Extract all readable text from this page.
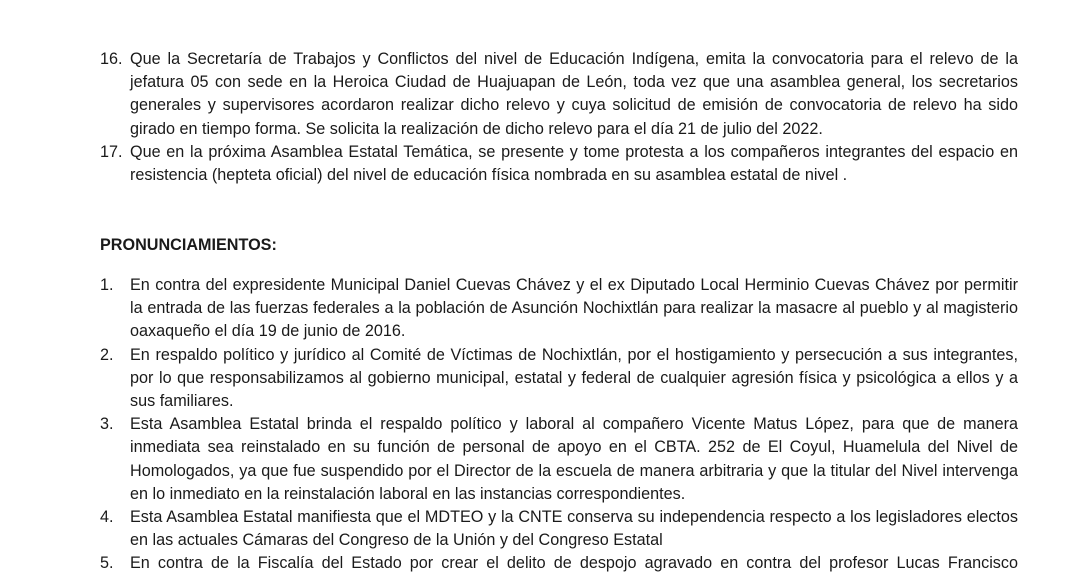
16. Que la Secretaría de Trabajos y Conflictos del nivel de Educación Indígena, emita la convocatoria para el relevo de la jefatura 05 con sede en la Heroica Ciudad de Huajuapan de León, toda vez que una asamblea general, los secretarios generales y supervisores acordaron realizar dicho relevo y cuya solicitud de emisión de convocatoria de relevo ha sido girado en tiempo forma. Se solicita la realización de dicho relevo para el día 21 de julio del 2022.
17. Que en la próxima Asamblea Estatal Temática, se presente y tome protesta a los compañeros integrantes del espacio en resistencia (hepteta oficial) del nivel de educación física nombrada en su asamblea estatal de nivel .
PRONUNCIAMIENTOS:
1.	En contra del expresidente Municipal Daniel Cuevas Chávez y el ex Diputado Local Herminio Cuevas Chávez por permitir la entrada de las fuerzas federales a la población de Asunción Nochixtlán para realizar la masacre al pueblo y al magisterio oaxaqueño el día 19 de junio de 2016.
2.	En respaldo político y jurídico al Comité de Víctimas de Nochixtlán, por el hostigamiento y persecución a sus integrantes, por lo que responsabilizamos al gobierno municipal, estatal y federal de cualquier agresión física y psicológica a ellos y a sus familiares.
3.	Esta Asamblea Estatal brinda el respaldo político y laboral al compañero Vicente Matus López, para que de manera inmediata sea reinstalado en su función de personal de apoyo en el CBTA. 252 de El Coyul, Huamelula del Nivel de Homologados, ya que fue suspendido por el Director de la escuela de manera arbitraria y que la titular del Nivel intervenga en lo inmediato en la reinstalación laboral en las instancias correspondientes.
4.	Esta Asamblea Estatal manifiesta que el MDTEO y la CNTE conserva su independencia respecto a los legisladores electos en las actuales Cámaras del Congreso de la Unión y del Congreso Estatal
5.	En contra de la Fiscalía del Estado por crear el delito de despojo agravado en contra del profesor Lucas Francisco
